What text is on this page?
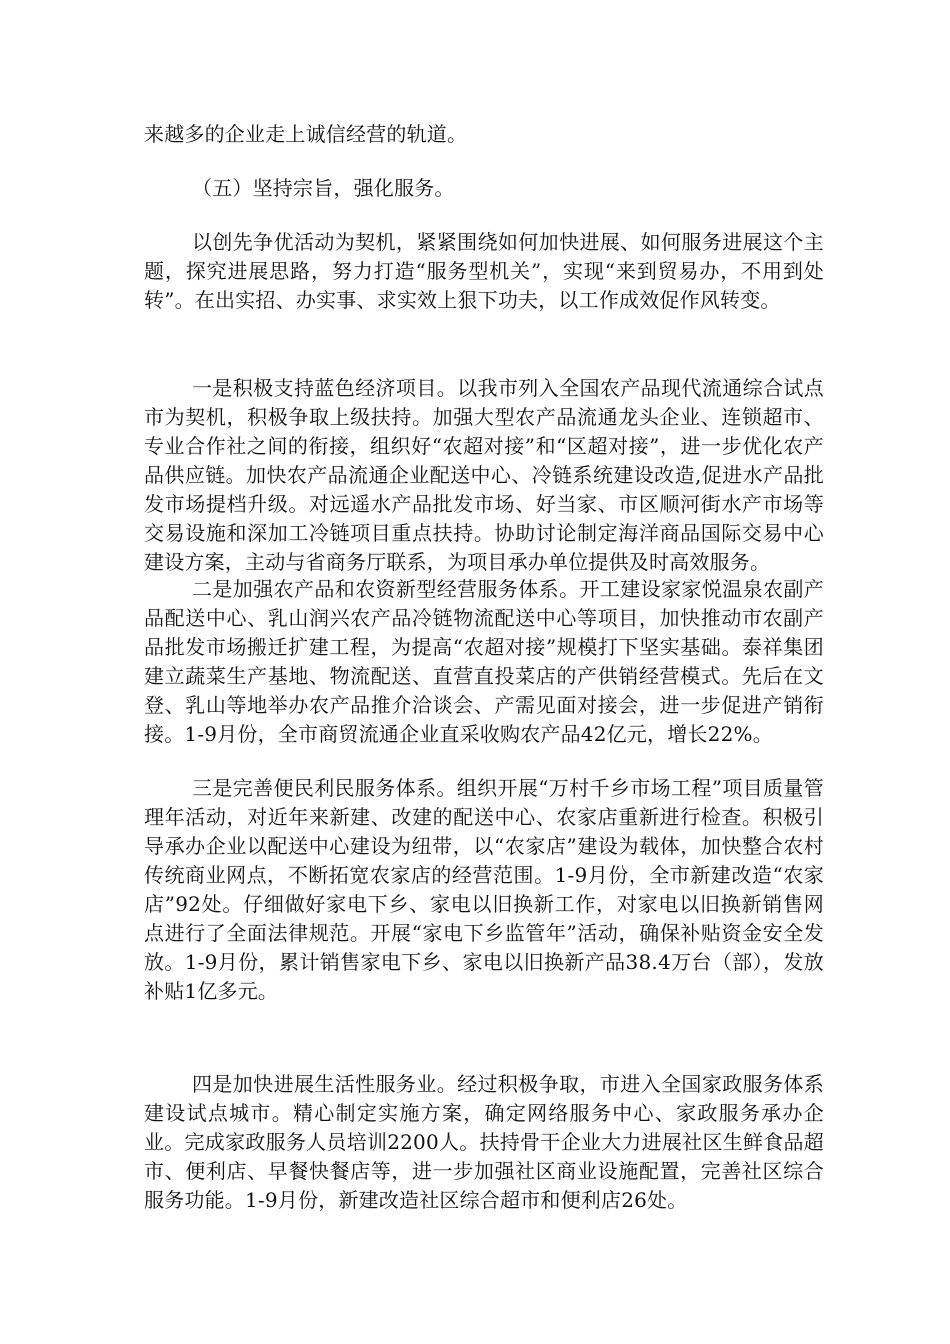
来越多的企业走上诚信经营的轨道。

（五）坚持宗旨，强化服务。

以创先争优活动为契机，紧紧围绕如何加快进展、如何服务进展这个主题，探究进展思路，努力打造“服务型机关”，实现“来到贸易办，不用到处转”。在出实招、办实事、求实效上狠下功夫，以工作成效促作风转变。

一是积极支持蓝色经济项目。以我市列入全国农产品现代流通综合试点市为契机，积极争取上级扶持。加强大型农产品流通龙头企业、连锁超市、专业合作社之间的衔接，组织好“农超对接”和“区超对接”，进一步优化农产品供应链。加快农产品流通企业配送中心、冷链系统建设改造,促进水产品批发市场提档升级。对远遥水产品批发市场、好当家、市区顺河街水产市场等交易设施和深加工冷链项目重点扶持。协助讨论制定海洋商品国际交易中心建设方案，主动与省商务厅联系，为项目承办单位提供及时高效服务。

二是加强农产品和农资新型经营服务体系。开工建设家家悦温泉农副产品配送中心、乳山润兴农产品冷链物流配送中心等项目，加快推动市农副产品批发市场搬迁扩建工程，为提高“农超对接”规模打下坚实基础。泰祥集团建立蔬菜生产基地、物流配送、直营直投菜店的产供销经营模式。先后在文登、乳山等地举办农产品推介洽谈会、产需见面对接会，进一步促进产销衔接。1-9月份，全市商贸流通企业直采收购农产品42亿元，增长22%。

三是完善便民利民服务体系。组织开展“万村千乡市场工程”项目质量管理年活动，对近年来新建、改建的配送中心、农家店重新进行检查。积极引导承办企业以配送中心建设为纽带，以“农家店”建设为载体，加快整合农村传统商业网点，不断拓宽农家店的经营范围。1-9月份，全市新建改造“农家店”92处。仔细做好家电下乡、家电以旧换新工作，对家电以旧换新销售网点进行了全面法律规范。开展“家电下乡监管年”活动，确保补贴资金安全发放。1-9月份，累计销售家电下乡、家电以旧换新产品38.4万台（部），发放补贴1亿多元。

四是加快进展生活性服务业。经过积极争取，市进入全国家政服务体系建设试点城市。精心制定实施方案，确定网络服务中心、家政服务承办企业。完成家政服务人员培训2200人。扶持骨干企业大力进展社区生鲜食品超市、便利店、早餐快餐店等，进一步加强社区商业设施配置，完善社区综合服务功能。1-9月份，新建改造社区综合超市和便利店26处。
